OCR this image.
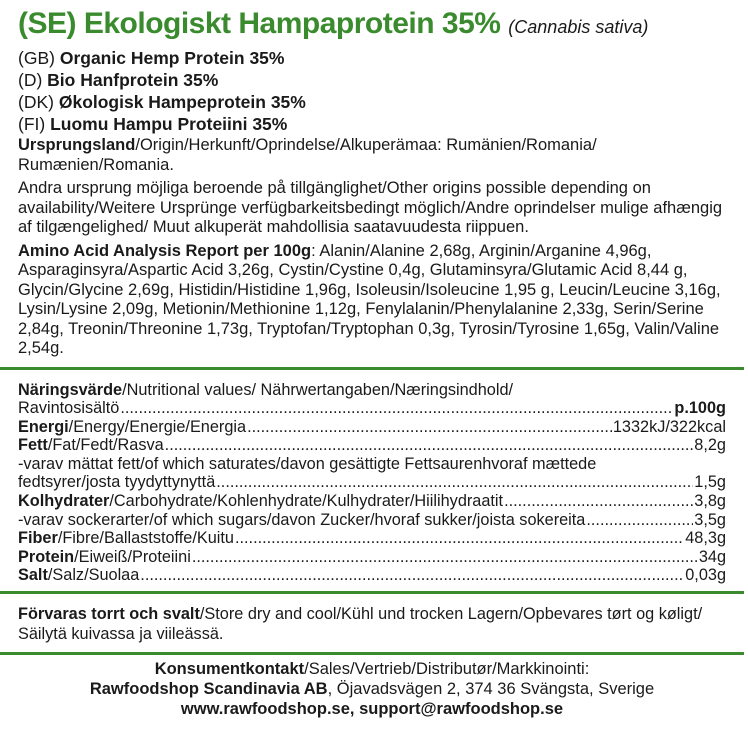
(SE) Ekologiskt Hampaprotein 35% (Cannabis sativa)
(GB) Organic Hemp Protein 35%
(D) Bio Hanfprotein 35%
(DK) Økologisk Hampeprotein 35%
(FI) Luomu Hampu Proteiini 35%
Ursprungsland/Origin/Herkunft/Oprindelse/Alkuperämaa: Rumänien/Romania/ Rumænien/Romania.
Andra ursprung möjliga beroende på tillgänglighet/Other origins possible depending on availability/Weitere Ursprünge verfügbarkeitsbedingt möglich/Andre oprindelser mulige afhængig af tilgængelighed/ Muut alkuperät mahdollisia saatavuudesta riippuen.
Amino Acid Analysis Report per 100g: Alanin/Alanine 2,68g, Arginin/Arganine 4,96g, Asparaginsyra/Aspartic Acid 3,26g, Cystin/Cystine 0,4g, Glutaminsyra/Glutamic Acid 8,44 g, Glycin/Glycine 2,69g, Histidin/Histidine 1,96g, Isoleusin/Isoleucine 1,95 g, Leucin/Leucine 3,16g, Lysin/Lysine 2,09g, Metionin/Methionine 1,12g, Fenylalanin/Phenylalanine 2,33g, Serin/Serine 2,84g, Treonin/Threonine 1,73g, Tryptofan/Tryptophan 0,3g, Tyrosin/Tyrosine 1,65g, Valin/Valine 2,54g.
Näringsvärde/Nutritional values/ Nährwertangaben/Næringsindhold/
Ravintosisältö .....	p.100g
Energi/Energy/Energie/Energia .....	1332kJ/322kcal
Fett/Fat/Fedt/Rasva .....	8,2g
-varav mättat fett/of which saturates/davon gesättigte Fettsaurenhvoraf mættede
fedtsyrer/josta tyydyttynyttä .....	1,5g
Kolhydrater/Carbohydrate/Kohlenhydrate/Kulhydrater/Hiilihydraatit .....	3,8g
-varav sockerarter/of which sugars/davon Zucker/hvoraf sukker/joista sokereita .....	3,5g
Fiber/Fibre/Ballaststoffe/Kuitu .....	48,3g
Protein/Eiweiß/Proteiini .....	34g
Salt/Salz/Suolaa .....	0,03g
Förvaras torrt och svalt/Store dry and cool/Kühl und trocken Lagern/Opbevares tørt og køligt/ Säilytä kuivassa ja viileässä.
Konsumentkontakt/Sales/Vertrieb/Distributør/Markkinointi:
Rawfoodshop Scandinavia AB, Öjavadsvägen 2, 374 36 Svängsta, Sverige
www.rawfoodshop.se, support@rawfoodshop.se
